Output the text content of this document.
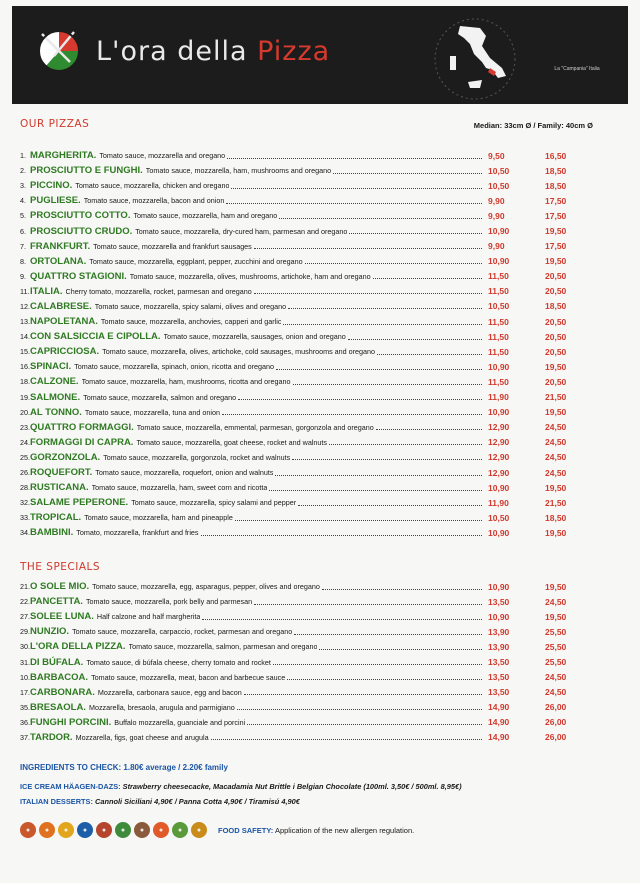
L'ora della Pizza
La "Campania" Italia
OUR PIZZAS	Median: 33cm Ø / Family: 40cm Ø
1. MARGHERITA. Tomato sauce, mozzarella and oregano	9,50	16,50
2. PROSCIUTTO E FUNGHI. Tomato sauce, mozzarella, ham, mushrooms and oregano	10,50	18,50
3. PICCINO. Tomato sauce, mozzarella, chicken and oregano	10,50	18,50
4. PUGLIESE. Tomato sauce, mozzarella, bacon and onion	9,90	17,50
5. PROSCIUTTO COTTO. Tomato sauce, mozzarella, ham and oregano	9,90	17,50
6. PROSCIUTTO CRUDO. Tomato sauce, mozzarella, dry-cured ham, parmesan and oregano	10,90	19,50
7. FRANKFURT. Tomato sauce, mozzarella and frankfurt sausages	9,90	17,50
8. ORTOLANA. Tomato sauce, mozzarella, eggplant, pepper, zucchini and oregano	10,90	19,50
9. QUATTRO STAGIONI. Tomato sauce, mozzarella, olives, mushrooms, artichoke, ham and oregano	11,50	20,50
11. ITALIA. Cherry tomato, mozzarella, rocket, parmesan and oregano	11,50	20,50
12. CALABRESE. Tomato sauce, mozzarella, spicy salami, olives and oregano	10,50	18,50
13. NAPOLETANA. Tomato sauce, mozzarella, anchovies, capperi and garlic	11,50	20,50
14. CON SALSICCIA E CIPOLLA. Tomato sauce, mozzarella, sausages, onion and oregano	11,50	20,50
15. CAPRICCIOSA. Tomato sauce, mozzarella, olives, artichoke, cold sausages, mushrooms and oregano	11,50	20,50
16. SPINACI. Tomato sauce, mozzarella, spinach, onion, ricotta and oregano	10,90	19,50
18. CALZONE. Tomato sauce, mozzarella, ham, mushrooms, ricotta and oregano	11,50	20,50
19. SALMONE. Tomato sauce, mozzarella, salmon and oregano	11,90	21,50
20. AL TONNO. Tomato sauce, mozzarella, tuna and onion	10,90	19,50
23. QUATTRO FORMAGGI. Tomato sauce, mozzarella, emmental, parmesan, gorgonzola and oregano	12,90	24,50
24. FORMAGGI DI CAPRA. Tomato sauce, mozzarella, goat cheese, rocket and walnuts	12,90	24,50
25. GORZONZOLA. Tomato sauce, mozzarella, gorgonzola, rocket and walnuts	12,90	24,50
26. ROQUEFORT. Tomato sauce, mozzarella, roquefort, onion and walnuts	12,90	24,50
28. RUSTICANA. Tomato sauce, mozzarella, ham, sweet corn and ricotta	10,90	19,50
32. SALAME PEPERONE. Tomato sauce, mozzarella, spicy salami and pepper	11,90	21,50
33. TROPICAL. Tomato sauce, mozzarella, ham and pineapple	10,50	18,50
34. BAMBINI. Tomato, mozzarella, frankfurt and fries	10,90	19,50
THE SPECIALS
21. O SOLE MIO. Tomato sauce, mozzarella, egg, asparagus, pepper, olives and oregano	10,90	19,50
22. PANCETTA. Tomato sauce, mozzarella, pork belly and parmesan	13,50	24,50
27. SOLEE LUNA. Half calzone and half margherita	10,90	19,50
29. NUNZIO. Tomato sauce, mozzarella, carpaccio, rocket, parmesan and oregano	13,90	25,50
30. L'ORA DELLA PIZZA. Tomato sauce, mozzarella, salmon, parmesan and oregano	13,90	25,50
31. DI BÚFALA. Tomato sauce, di búfala cheese, cherry tomato and rocket	13,50	25,50
10. BARBACOA. Tomato sauce, mozzarella, meat, bacon and barbecue sauce	13,50	24,50
17. CARBONARA. Mozzarella, carbonara sauce, egg and bacon	13,50	24,50
35. BRESAOLA. Mozzarella, bresaola, arugula and parmigiano	14,90	26,00
36. FUNGHI PORCINI. Buffalo mozzarella, guanciale and porcini	14,90	26,00
37. TARDOR. Mozzarella, figs, goat cheese and arugula	14,90	26,00
INGREDIENTS TO CHECK: 1.80€ average / 2.20€ family
ICE CREAM HÄAGEN-DAZS: Strawberry cheesecacke, Macadamia Nut Brittle i Belgian Chocolate (100ml. 3,50€ / 500ml. 8,95€)
ITALIAN DESSERTS: Cannoli Siciliani 4,90€ / Panna Cotta 4,90€ / Tiramisú 4,90€
●	●	●	●	●	●	●	●	●	●	FOOD SAFETY: Application of the new allergen regulation.
